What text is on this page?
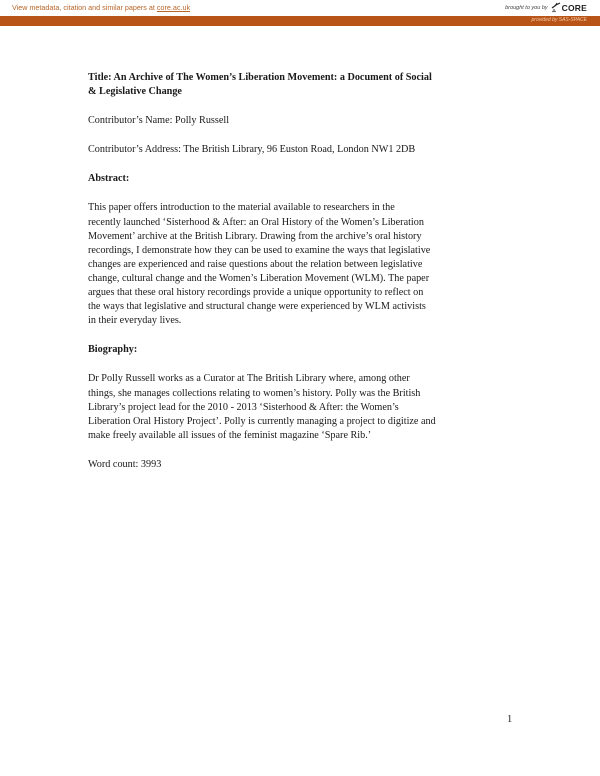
View metadata, citation and similar papers at core.ac.uk	brought to you by CORE
provided by SAS-SPACE
Title: An Archive of The Women’s Liberation Movement: a Document of Social
& Legislative Change
Contributor’s Name: Polly Russell
Contributor’s Address: The British Library, 96 Euston Road, London NW1 2DB
Abstract:
This paper offers introduction to the material available to researchers in the
recently launched ‘Sisterhood & After: an Oral History of the Women’s Liberation
Movement’ archive at the British Library. Drawing from the archive’s oral history
recordings, I demonstrate how they can be used to examine the ways that legislative
changes are experienced and raise questions about the relation between legislative
change, cultural change and the Women’s Liberation Movement (WLM). The paper
argues that these oral history recordings provide a unique opportunity to reflect on
the ways that legislative and structural change were experienced by WLM activists
in their everyday lives.
Biography:
Dr Polly Russell works as a Curator at The British Library where, among other
things, she manages collections relating to women’s history. Polly was the British
Library’s project lead for the 2010 - 2013 ‘Sisterhood & After: the Women’s
Liberation Oral History Project’. Polly is currently managing a project to digitize and
make freely available all issues of the feminist magazine ‘Spare Rib.’
Word count: 3993
1
